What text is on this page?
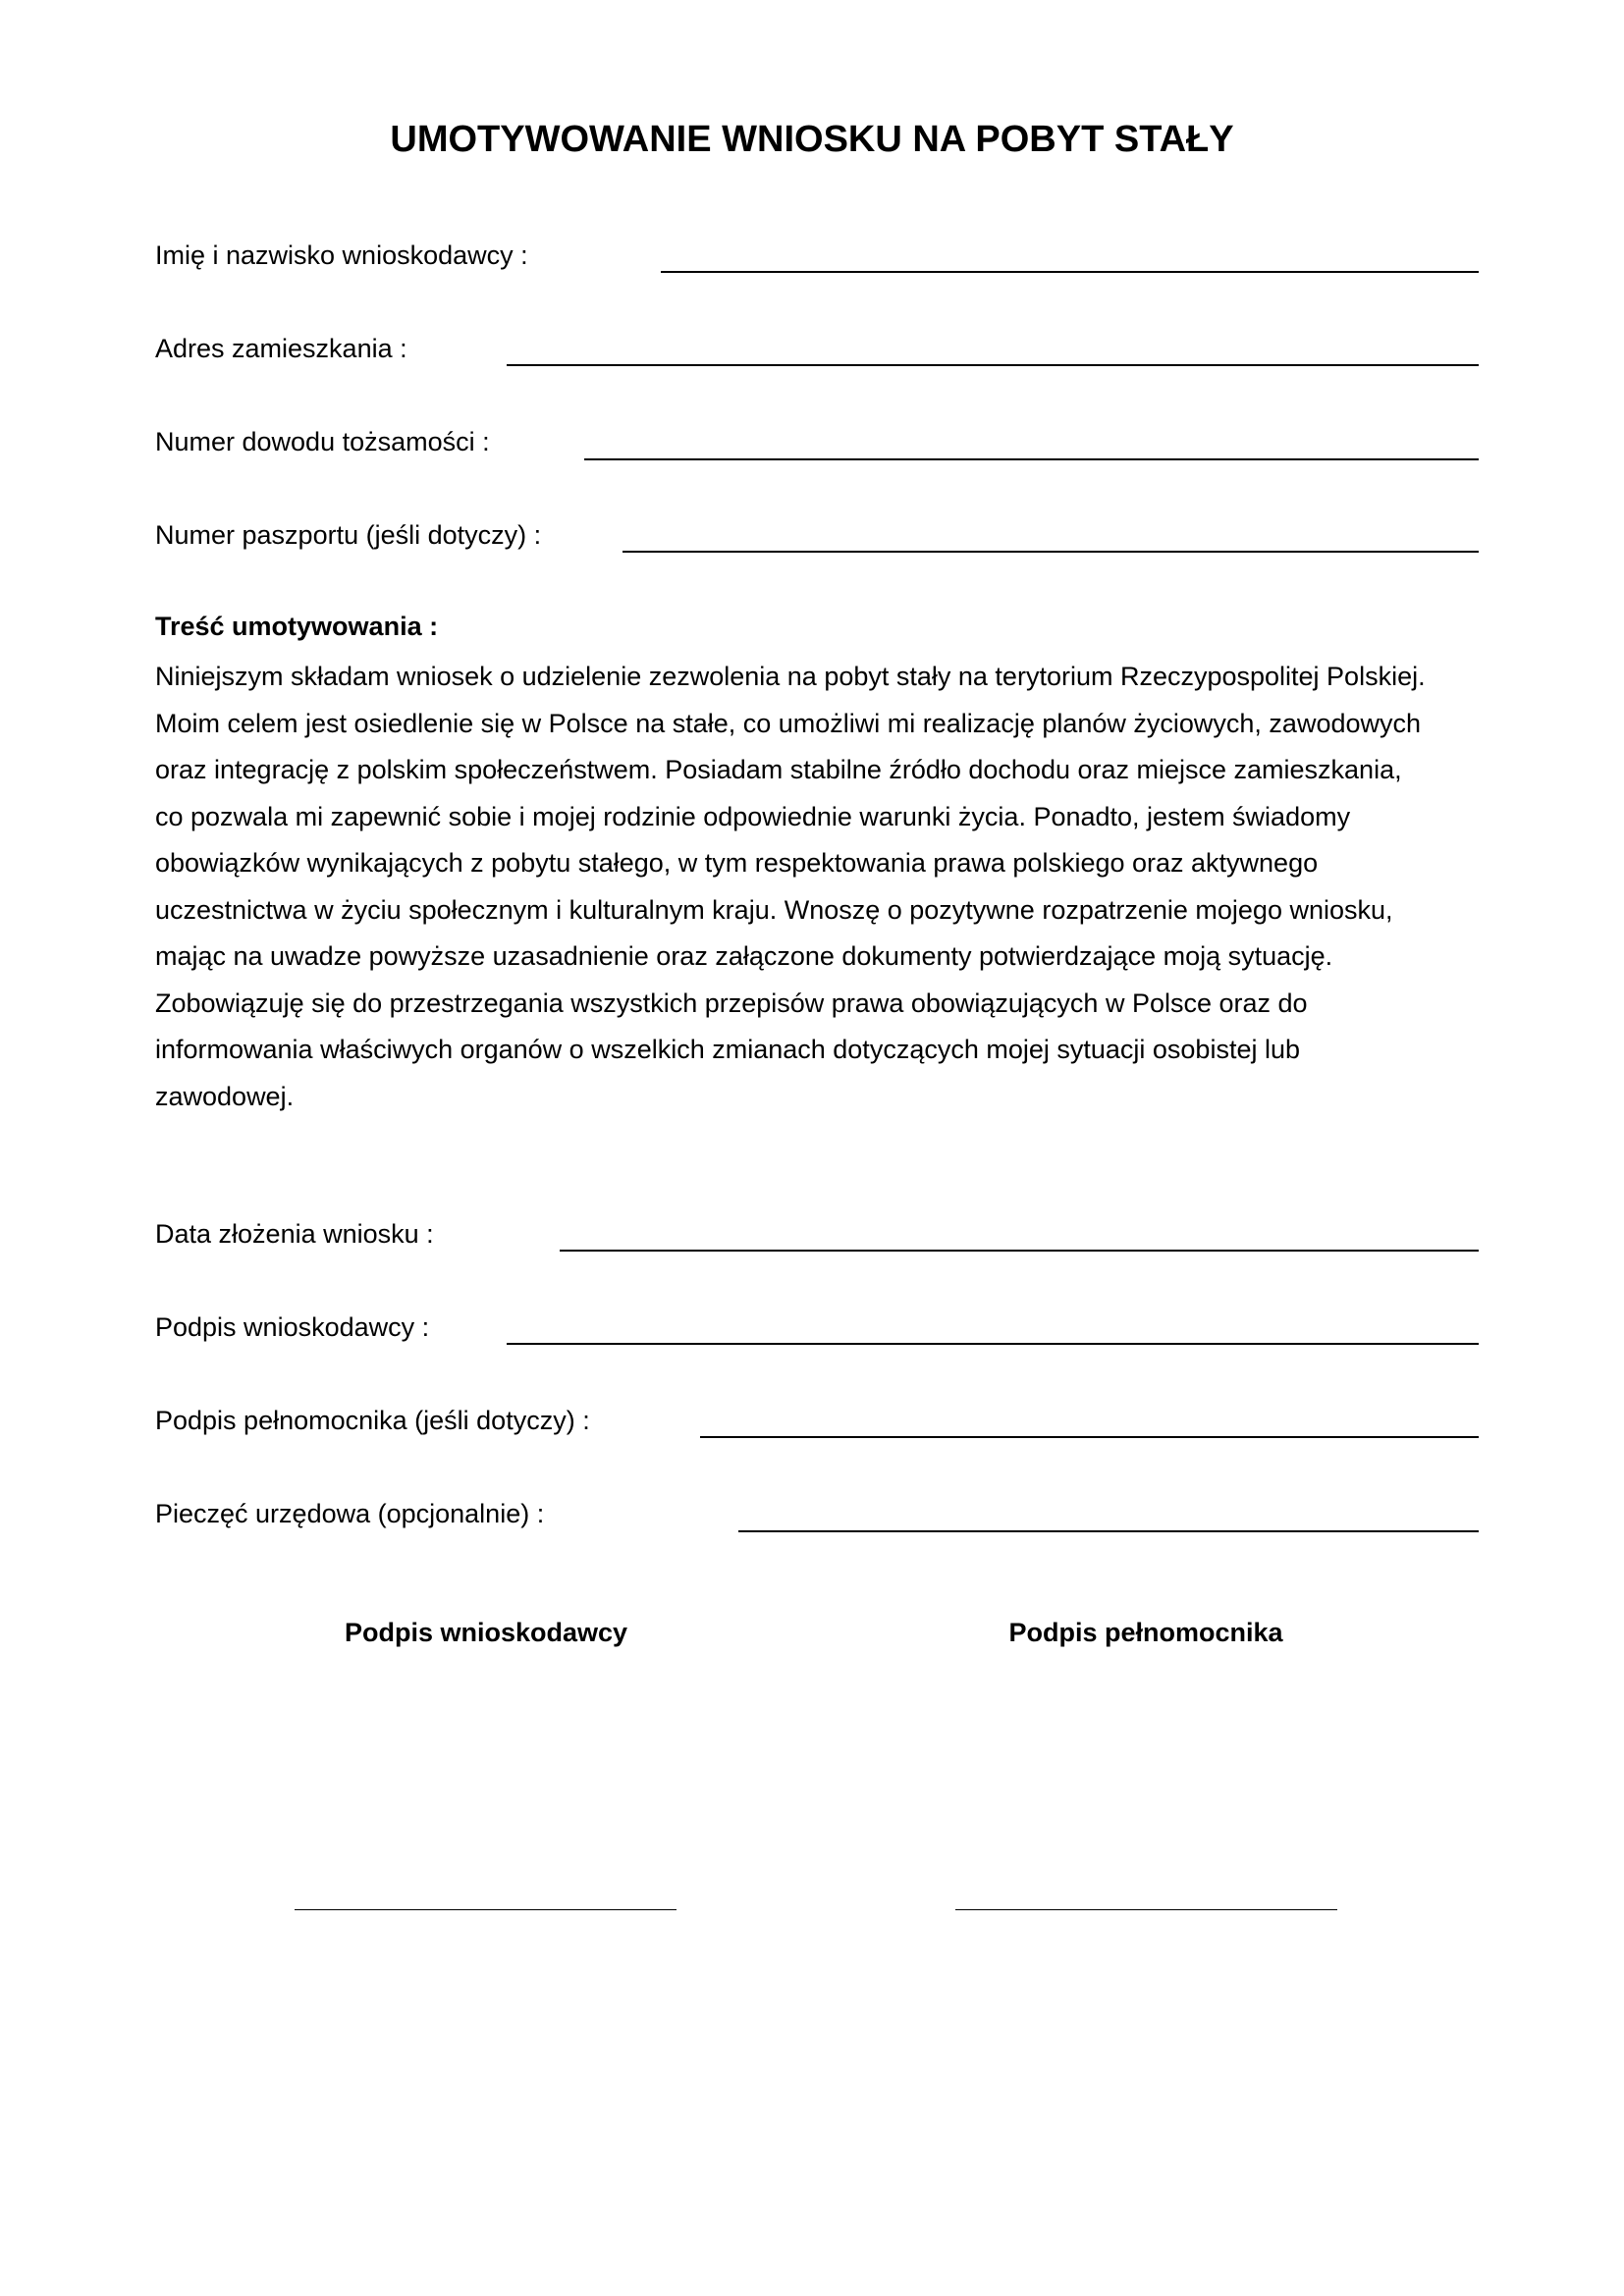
UMOTYWOWANIE WNIOSKU NA POBYT STAŁY
Imię i nazwisko wnioskodawcy :
Adres zamieszkania :
Numer dowodu tożsamości :
Numer paszportu (jeśli dotyczy) :
Treść umotywowania :
Niniejszym składam wniosek o udzielenie zezwolenia na pobyt stały na terytorium Rzeczypospolitej Polskiej.
Moim celem jest osiedlenie się w Polsce na stałe, co umożliwi mi realizację planów życiowych, zawodowych
oraz integrację z polskim społeczeństwem. Posiadam stabilne źródło dochodu oraz miejsce zamieszkania,
co pozwala mi zapewnić sobie i mojej rodzinie odpowiednie warunki życia. Ponadto, jestem świadomy
obowiązków wynikających z pobytu stałego, w tym respektowania prawa polskiego oraz aktywnego
uczestnictwa w życiu społecznym i kulturalnym kraju. Wnoszę o pozytywne rozpatrzenie mojego wniosku,
mając na uwadze powyższe uzasadnienie oraz załączone dokumenty potwierdzające moją sytuację.
Zobowiązuję się do przestrzegania wszystkich przepisów prawa obowiązujących w Polsce oraz do
informowania właściwych organów o wszelkich zmianach dotyczących mojej sytuacji osobistej lub
zawodowej.
Data złożenia wniosku :
Podpis wnioskodawcy :
Podpis pełnomocnika (jeśli dotyczy) :
Pieczęć urzędowa (opcjonalnie) :
Podpis wnioskodawcy	Podpis pełnomocnika
